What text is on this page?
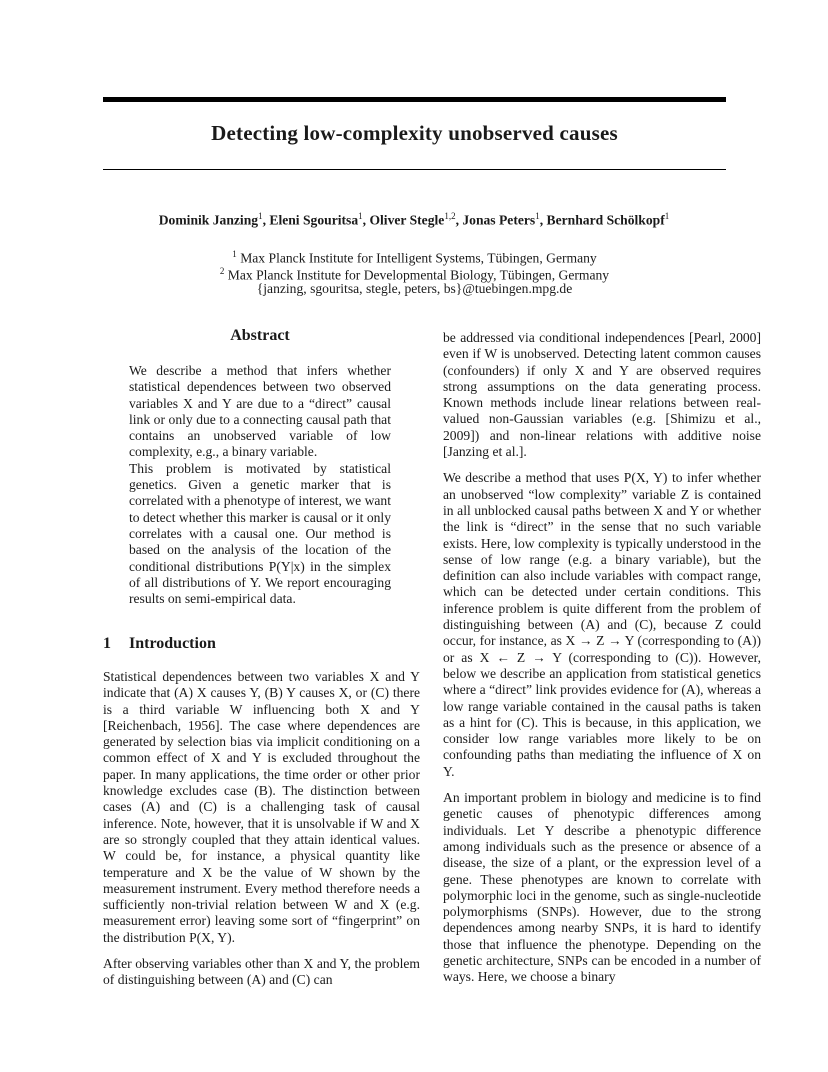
Detecting low-complexity unobserved causes
Dominik Janzing$^1$, Eleni Sgouritsa$^1$, Oliver Stegle$^{1,2}$, Jonas Peters$^1$, Bernhard Schölkopf$^1$
$^1$ Max Planck Institute for Intelligent Systems, Tübingen, Germany
$^2$ Max Planck Institute for Developmental Biology, Tübingen, Germany
{janzing, sgouritsa, stegle, peters, bs}@tuebingen.mpg.de
Abstract

We describe a method that infers whether statistical dependences between two observed variables X and Y are due to a “direct” causal link or only due to a connecting causal path that contains an unobserved variable of low complexity, e.g., a binary variable.

This problem is motivated by statistical genetics. Given a genetic marker that is correlated with a phenotype of interest, we want to detect whether this marker is causal or it only correlates with a causal one. Our method is based on the analysis of the location of the conditional distributions P(Y|x) in the simplex of all distributions of Y. We report encouraging results on semi-empirical data.

1 Introduction

Statistical dependences between two variables X and Y indicate that (A) X causes Y, (B) Y causes X, or (C) there is a third variable W influencing both X and Y [Reichenbach, 1956]. The case where dependences are generated by selection bias via implicit conditioning on a common effect of X and Y is excluded throughout the paper. In many applications, the time order or other prior knowledge excludes case (B). The distinction between cases (A) and (C) is a challenging task of causal inference. Note, however, that it is unsolvable if W and X are so strongly coupled that they attain identical values. W could be, for instance, a physical quantity like temperature and X be the value of W shown by the measurement instrument. Every method therefore needs a sufficiently non-trivial relation between W and X (e.g. measurement error) leaving some sort of “fingerprint” on the distribution P(X, Y).

After observing variables other than X and Y, the problem of distinguishing between (A) and (C) can

be addressed via conditional independences [Pearl, 2000] even if W is unobserved. Detecting latent common causes (confounders) if only X and Y are observed requires strong assumptions on the data generating process. Known methods include linear relations between real-valued non-Gaussian variables (e.g. [Shimizu et al., 2009]) and non-linear relations with additive noise [Janzing et al.].

We describe a method that uses P(X, Y) to infer whether an unobserved “low complexity” variable Z is contained in all unblocked causal paths between X and Y or whether the link is “direct” in the sense that no such variable exists. Here, low complexity is typically understood in the sense of low range (e.g. a binary variable), but the definition can also include variables with compact range, which can be detected under certain conditions. This inference problem is quite different from the problem of distinguishing between (A) and (C), because Z could occur, for instance, as X → Z → Y (corresponding to (A)) or as X ← Z → Y (corresponding to (C)). However, below we describe an application from statistical genetics where a “direct” link provides evidence for (A), whereas a low range variable contained in the causal paths is taken as a hint for (C). This is because, in this application, we consider low range variables more likely to be on confounding paths than mediating the influence of X on Y.

An important problem in biology and medicine is to find genetic causes of phenotypic differences among individuals. Let Y describe a phenotypic difference among individuals such as the presence or absence of a disease, the size of a plant, or the expression level of a gene. These phenotypes are known to correlate with polymorphic loci in the genome, such as single-nucleotide polymorphisms (SNPs). However, due to the strong dependences among nearby SNPs, it is hard to identify those that influence the phenotype. Depending on the genetic architecture, SNPs can be encoded in a number of ways. Here, we choose a binary
